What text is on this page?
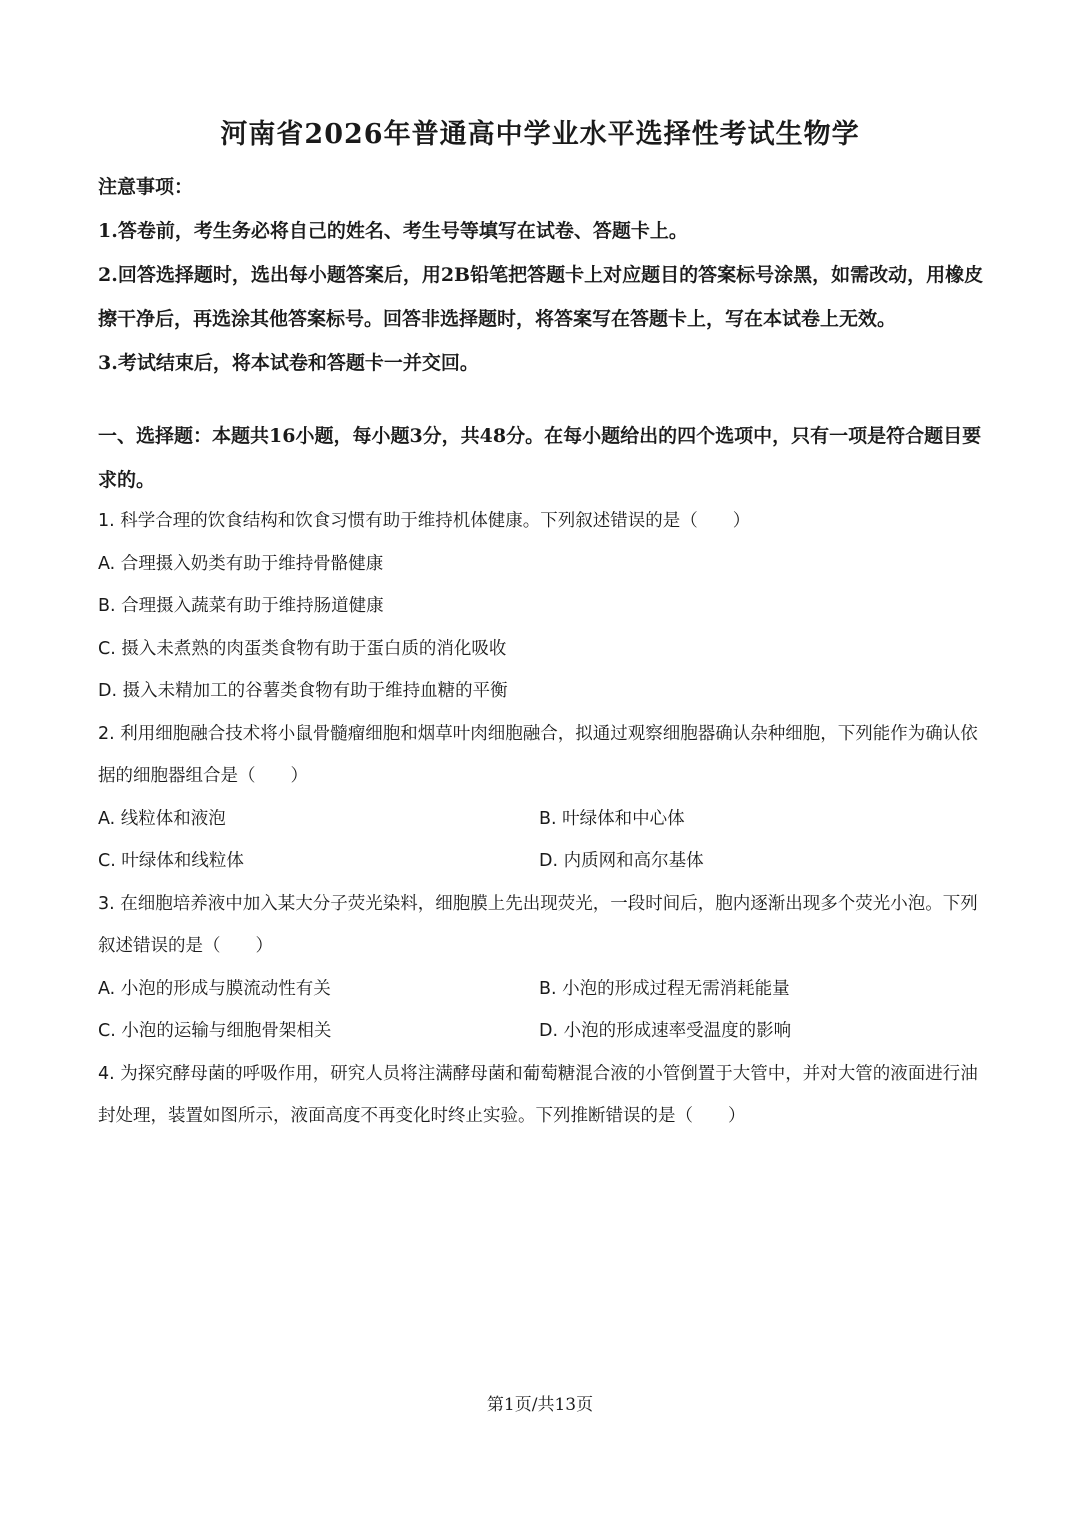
河南省2026年普通高中学业水平选择性考试生物学

注意事项：

1.答卷前，考生务必将自己的姓名、考生号等填写在试卷、答题卡上。

2.回答选择题时，选出每小题答案后，用2B铅笔把答题卡上对应题目的答案标号涂黑，如需改动，用橡皮擦干净后，再选涂其他答案标号。回答非选择题时，将答案写在答题卡上，写在本试卷上无效。

3.考试结束后，将本试卷和答题卡一并交回。

一、选择题：本题共16小题，每小题3分，共48分。在每小题给出的四个选项中，只有一项是符合题目要求的。

1. 科学合理的饮食结构和饮食习惯有助于维持机体健康。下列叙述错误的是（　　）

A. 合理摄入奶类有助于维持骨骼健康

B. 合理摄入蔬菜有助于维持肠道健康

C. 摄入未煮熟的肉蛋类食物有助于蛋白质的消化吸收

D. 摄入未精加工的谷薯类食物有助于维持血糖的平衡

2. 利用细胞融合技术将小鼠骨髓瘤细胞和烟草叶肉细胞融合，拟通过观察细胞器确认杂种细胞，下列能作为确认依据的细胞器组合是（　　）

A. 线粒体和液泡	B. 叶绿体和中心体

C. 叶绿体和线粒体	D. 内质网和高尔基体

3. 在细胞培养液中加入某大分子荧光染料，细胞膜上先出现荧光，一段时间后，胞内逐渐出现多个荧光小泡。下列叙述错误的是（　　）

A. 小泡的形成与膜流动性有关	B. 小泡的形成过程无需消耗能量

C. 小泡的运输与细胞骨架相关	D. 小泡的形成速率受温度的影响

4. 为探究酵母菌的呼吸作用，研究人员将注满酵母菌和葡萄糖混合液的小管倒置于大管中，并对大管的液面进行油封处理，装置如图所示，液面高度不再变化时终止实验。下列推断错误的是（　　）

第1页/共13页
